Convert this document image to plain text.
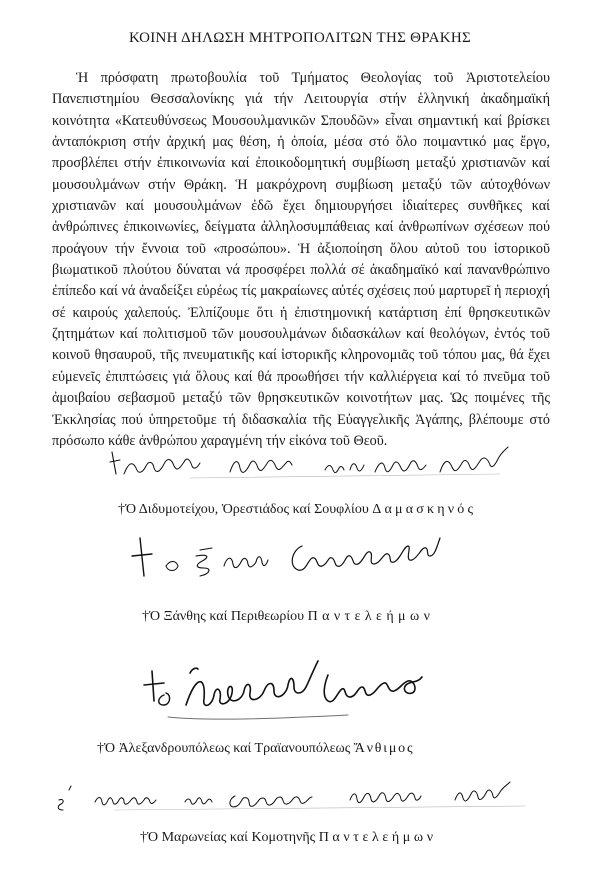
ΚΟΙΝΗ ΔΗΛΩΣΗ ΜΗΤΡΟΠΟΛΙΤΩΝ ΤΗΣ ΘΡΑΚΗΣ

Ἡ πρόσφατη πρωτοβουλία τοῦ Τμήματος Θεολογίας τοῦ Ἀριστοτελείου Πανεπιστημίου Θεσσαλονίκης γιά τήν Λειτουργία στήν ἑλληνική ἀκαδημαϊκή κοινότητα «Κατευθύνσεως Μουσουλμανικῶν Σπουδῶν» εἶναι σημαντική καί βρίσκει ἀνταπόκριση στήν ἀρχική μας θέση, ἡ ὁποία, μέσα στό ὅλο ποιμαντικό μας ἔργο, προσβλέπει στήν ἐπικοινωνία καί ἐποικοδομητική συμβίωση μεταξύ χριστιανῶν καί μουσουλμάνων στήν Θράκη. Ἡ μακρόχρονη συμβίωση μεταξύ τῶν αὐτοχθόνων χριστιανῶν καί μουσουλμάνων ἐδῶ ἔχει δημιουργήσει ἰδιαίτερες συνθῆκες καί ἀνθρώπινες ἐπικοινωνίες, δείγματα ἀλληλοσυμπάθειας καί ἀνθρωπίνων σχέσεων πού προάγουν τήν ἔννοια τοῦ «προσώπου». Ἡ ἀξιοποίηση ὅλου αὐτοῦ του ἱστορικοῦ βιωματικοῦ πλούτου δύναται νά προσφέρει πολλά σέ ἀκαδημαϊκό καί πανανθρώπινο ἐπίπεδο καί νά ἀναδείξει εὐρέως τίς μακραίωνες αὐτές σχέσεις πού μαρτυρεῖ ἡ περιοχή σέ καιρούς χαλεπούς. Ἐλπίζουμε ὅτι ἡ ἐπιστημονική κατάρτιση ἐπί θρησκευτικῶν ζητημάτων καί πολιτισμοῦ τῶν μουσουλμάνων διδασκάλων καί θεολόγων, ἐντός τοῦ κοινοῦ θησαυροῦ, τῆς πνευματικῆς καί ἱστορικῆς κληρονομιᾶς τοῦ τόπου μας, θά ἔχει εὐμενεῖς ἐπιπτώσεις γιά ὅλους καί θά προωθήσει τήν καλλιέργεια καί τό πνεῦμα τοῦ ἀμοιβαίου σεβασμοῦ μεταξύ τῶν θρησκευτικῶν κοινοτήτων μας. Ὡς ποιμένες τῆς Ἐκκλησίας πού ὑπηρετοῦμε τή διδασκαλία τῆς Εὐαγγελικῆς Ἀγάπης, βλέπουμε στό πρόσωπο κάθε ἀνθρώπου χαραγμένη τήν εἰκόνα τοῦ Θεοῦ.

†Ὁ Διδυμοτείχου, Ὀρεστιάδος καί Σουφλίου Δαμασκηνός
†Ὁ Ξάνθης καί Περιθεωρίου Παντελεήμων
†Ὁ Ἀλεξανδρουπόλεως καί Τραϊανουπόλεως Ἄνθιμος
†Ὁ Μαρωνείας καί Κομοτηνῆς Παντελεήμων
